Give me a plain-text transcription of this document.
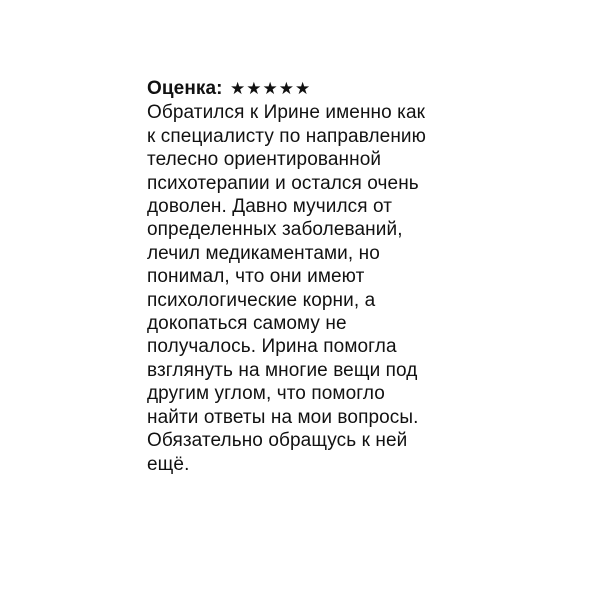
Оценка: ★★★★★
Обратился к Ирине именно как
к специалисту по направлению
телесно ориентированной
психотерапии и остался очень
доволен. Давно мучился от
определенных заболеваний,
лечил медикаментами, но
понимал, что они имеют
психологические корни, а
докопаться самому не
получалось. Ирина помогла
взглянуть на многие вещи под
другим углом, что помогло
найти ответы на мои вопросы.
Обязательно обращусь к ней
ещё.
